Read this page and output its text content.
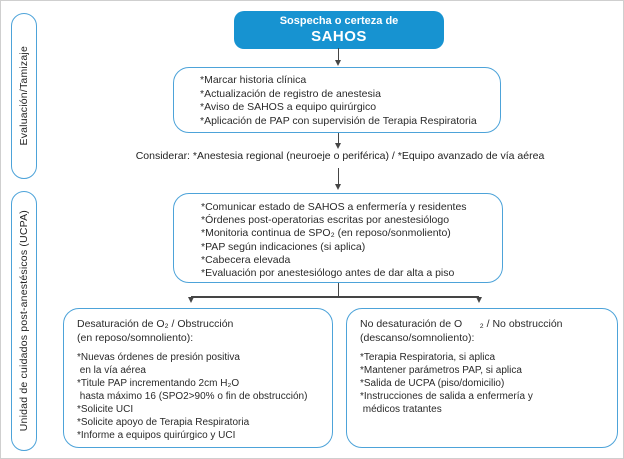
Evaluación/Tamizaje
Unidad de cuidados post-anestésicos (UCPA)
Sospecha o certeza de
SAHOS
*Marcar historia clínica
*Actualización de registro de anestesia
*Aviso de SAHOS a equipo quirúrgico
*Aplicación de PAP con supervisión de Terapia Respiratoria
Considerar: *Anestesia regional (neuroeje o periférica) / *Equipo avanzado de vía aérea
*Comunicar estado de SAHOS a enfermería y residentes
*Órdenes post-operatorias escritas por anestesiólogo
*Monitoria continua de SPO₂ (en reposo/sonmoliento)
*PAP según indicaciones (si aplica)
*Cabecera elevada
*Evaluación por anestesiólogo antes de dar alta a piso
Desaturación de O₂ / Obstrucción
(en reposo/somnoliento):
*Nuevas órdenes de presión positiva
en la vía aérea
*Titule PAP incrementando 2cm H₂O
hasta máximo 16 (SPO2>90% o fin de obstrucción)
*Solicite UCI
*Solicite apoyo de Terapia Respiratoria
*Informe a equipos quirúrgico y UCI
No desaturación de O      ₂ / No obstrucción
(descanso/somnoliento):
*Terapia Respiratoria, si aplica
*Mantener parámetros PAP, si aplica
*Salida de UCPA (piso/domicilio)
*Instrucciones de salida a enfermería y
médicos tratantes
